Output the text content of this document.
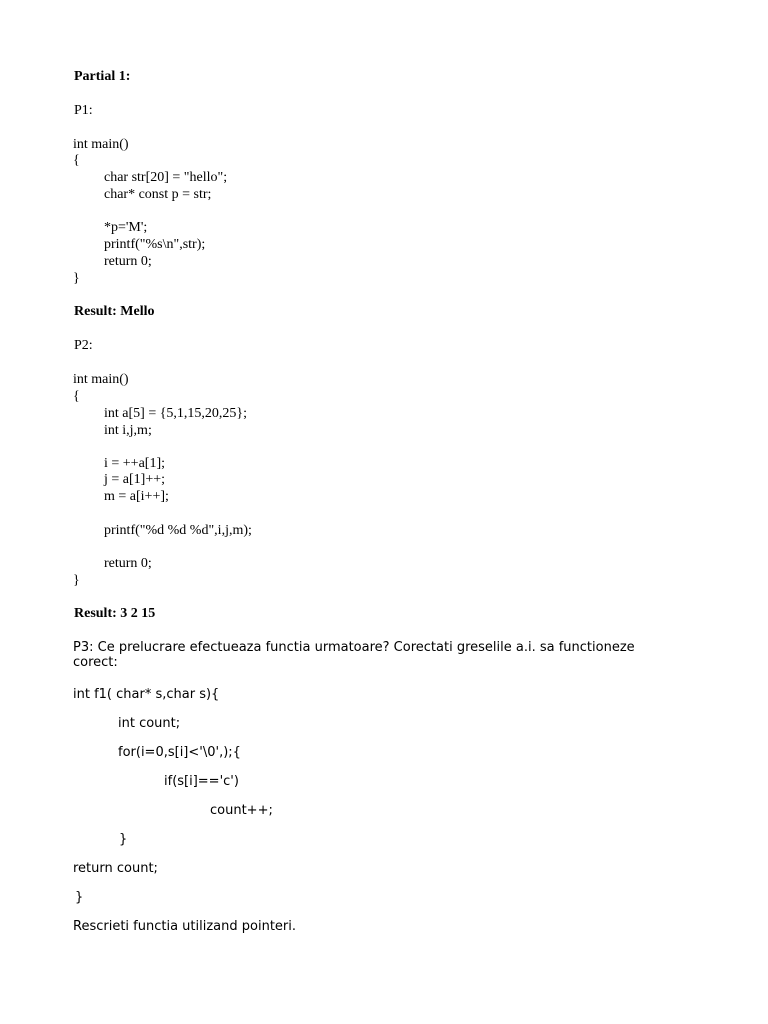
Partial 1:
P1:
int main()
{
char str[20] = "hello";
char* const p = str;
*p='M';
printf("%s\n",str);
return 0;
}
Result: Mello
P2:
int main()
{
int a[5] = {5,1,15,20,25};
int i,j,m;
i = ++a[1];
j = a[1]++;
m = a[i++];
printf("%d %d %d",i,j,m);
return 0;
}
Result: 3 2 15
P3: Ce prelucrare efectueaza functia urmatoare? Corectati greselile a.i. sa functioneze
corect:
int f1( char* s,char s){
int count;
for(i=0,s[i]<'\0',);{
if(s[i]=='c')
count++;
}
return count;
}
Rescrieti functia utilizand pointeri.
